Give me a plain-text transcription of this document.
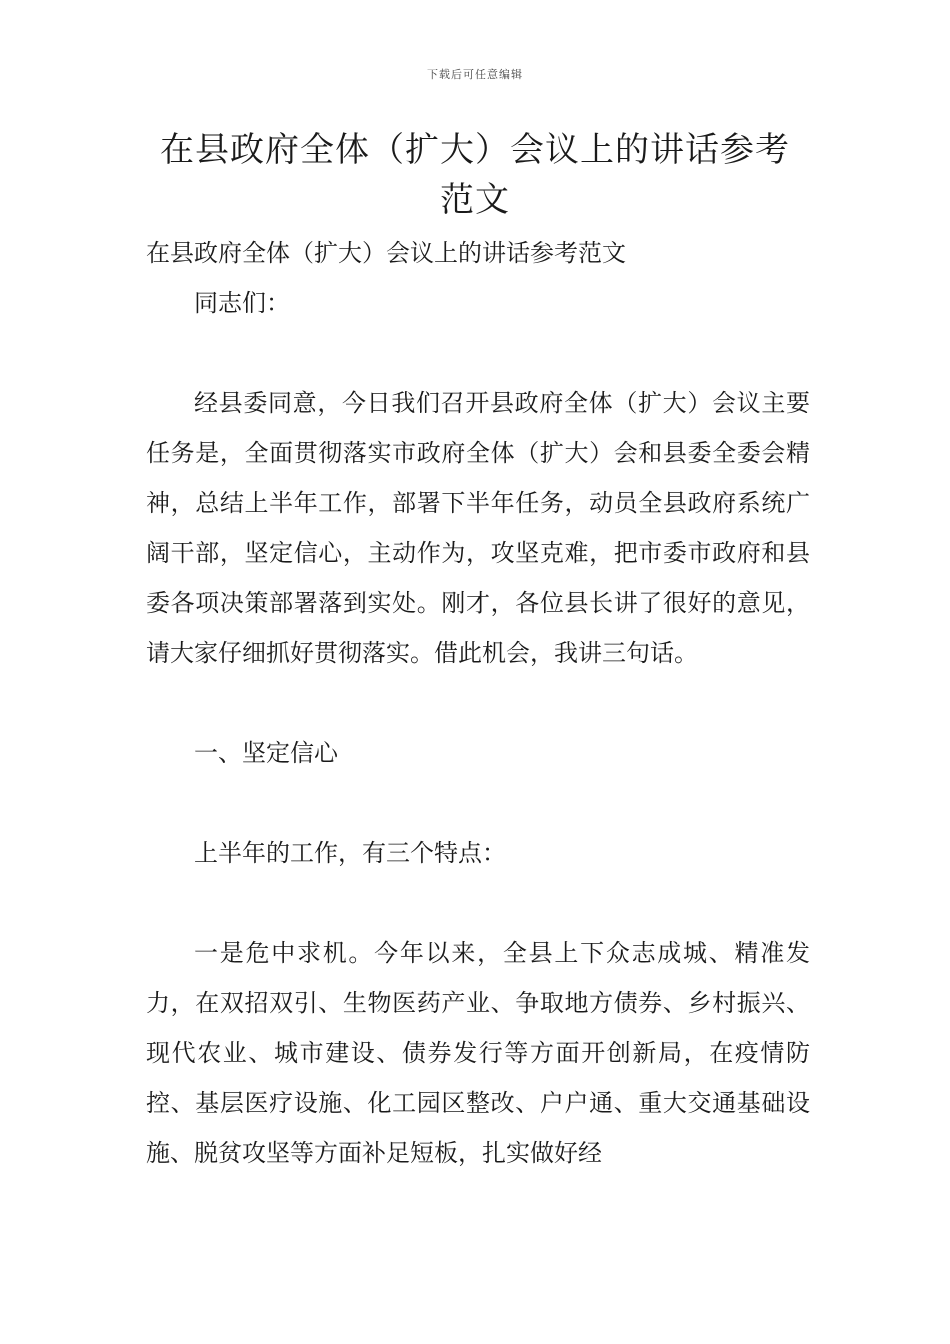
下载后可任意编辑
在县政府全体（扩大）会议上的讲话参考范文

在县政府全体（扩大）会议上的讲话参考范文

同志们：

经县委同意，今日我们召开县政府全体（扩大）会议主要任务是，全面贯彻落实市政府全体（扩大）会和县委全委会精神，总结上半年工作，部署下半年任务，动员全县政府系统广阔干部，坚定信心，主动作为，攻坚克难，把市委市政府和县委各项决策部署落到实处。刚才，各位县长讲了很好的意见，请大家仔细抓好贯彻落实。借此机会，我讲三句话。

一、坚定信心

上半年的工作，有三个特点：

一是危中求机。今年以来，全县上下众志成城、精准发力，在双招双引、生物医药产业、争取地方债券、乡村振兴、现代农业、城市建设、债券发行等方面开创新局，在疫情防控、基层医疗设施、化工园区整改、户户通、重大交通基础设施、脱贫攻坚等方面补足短板，扎实做好经
